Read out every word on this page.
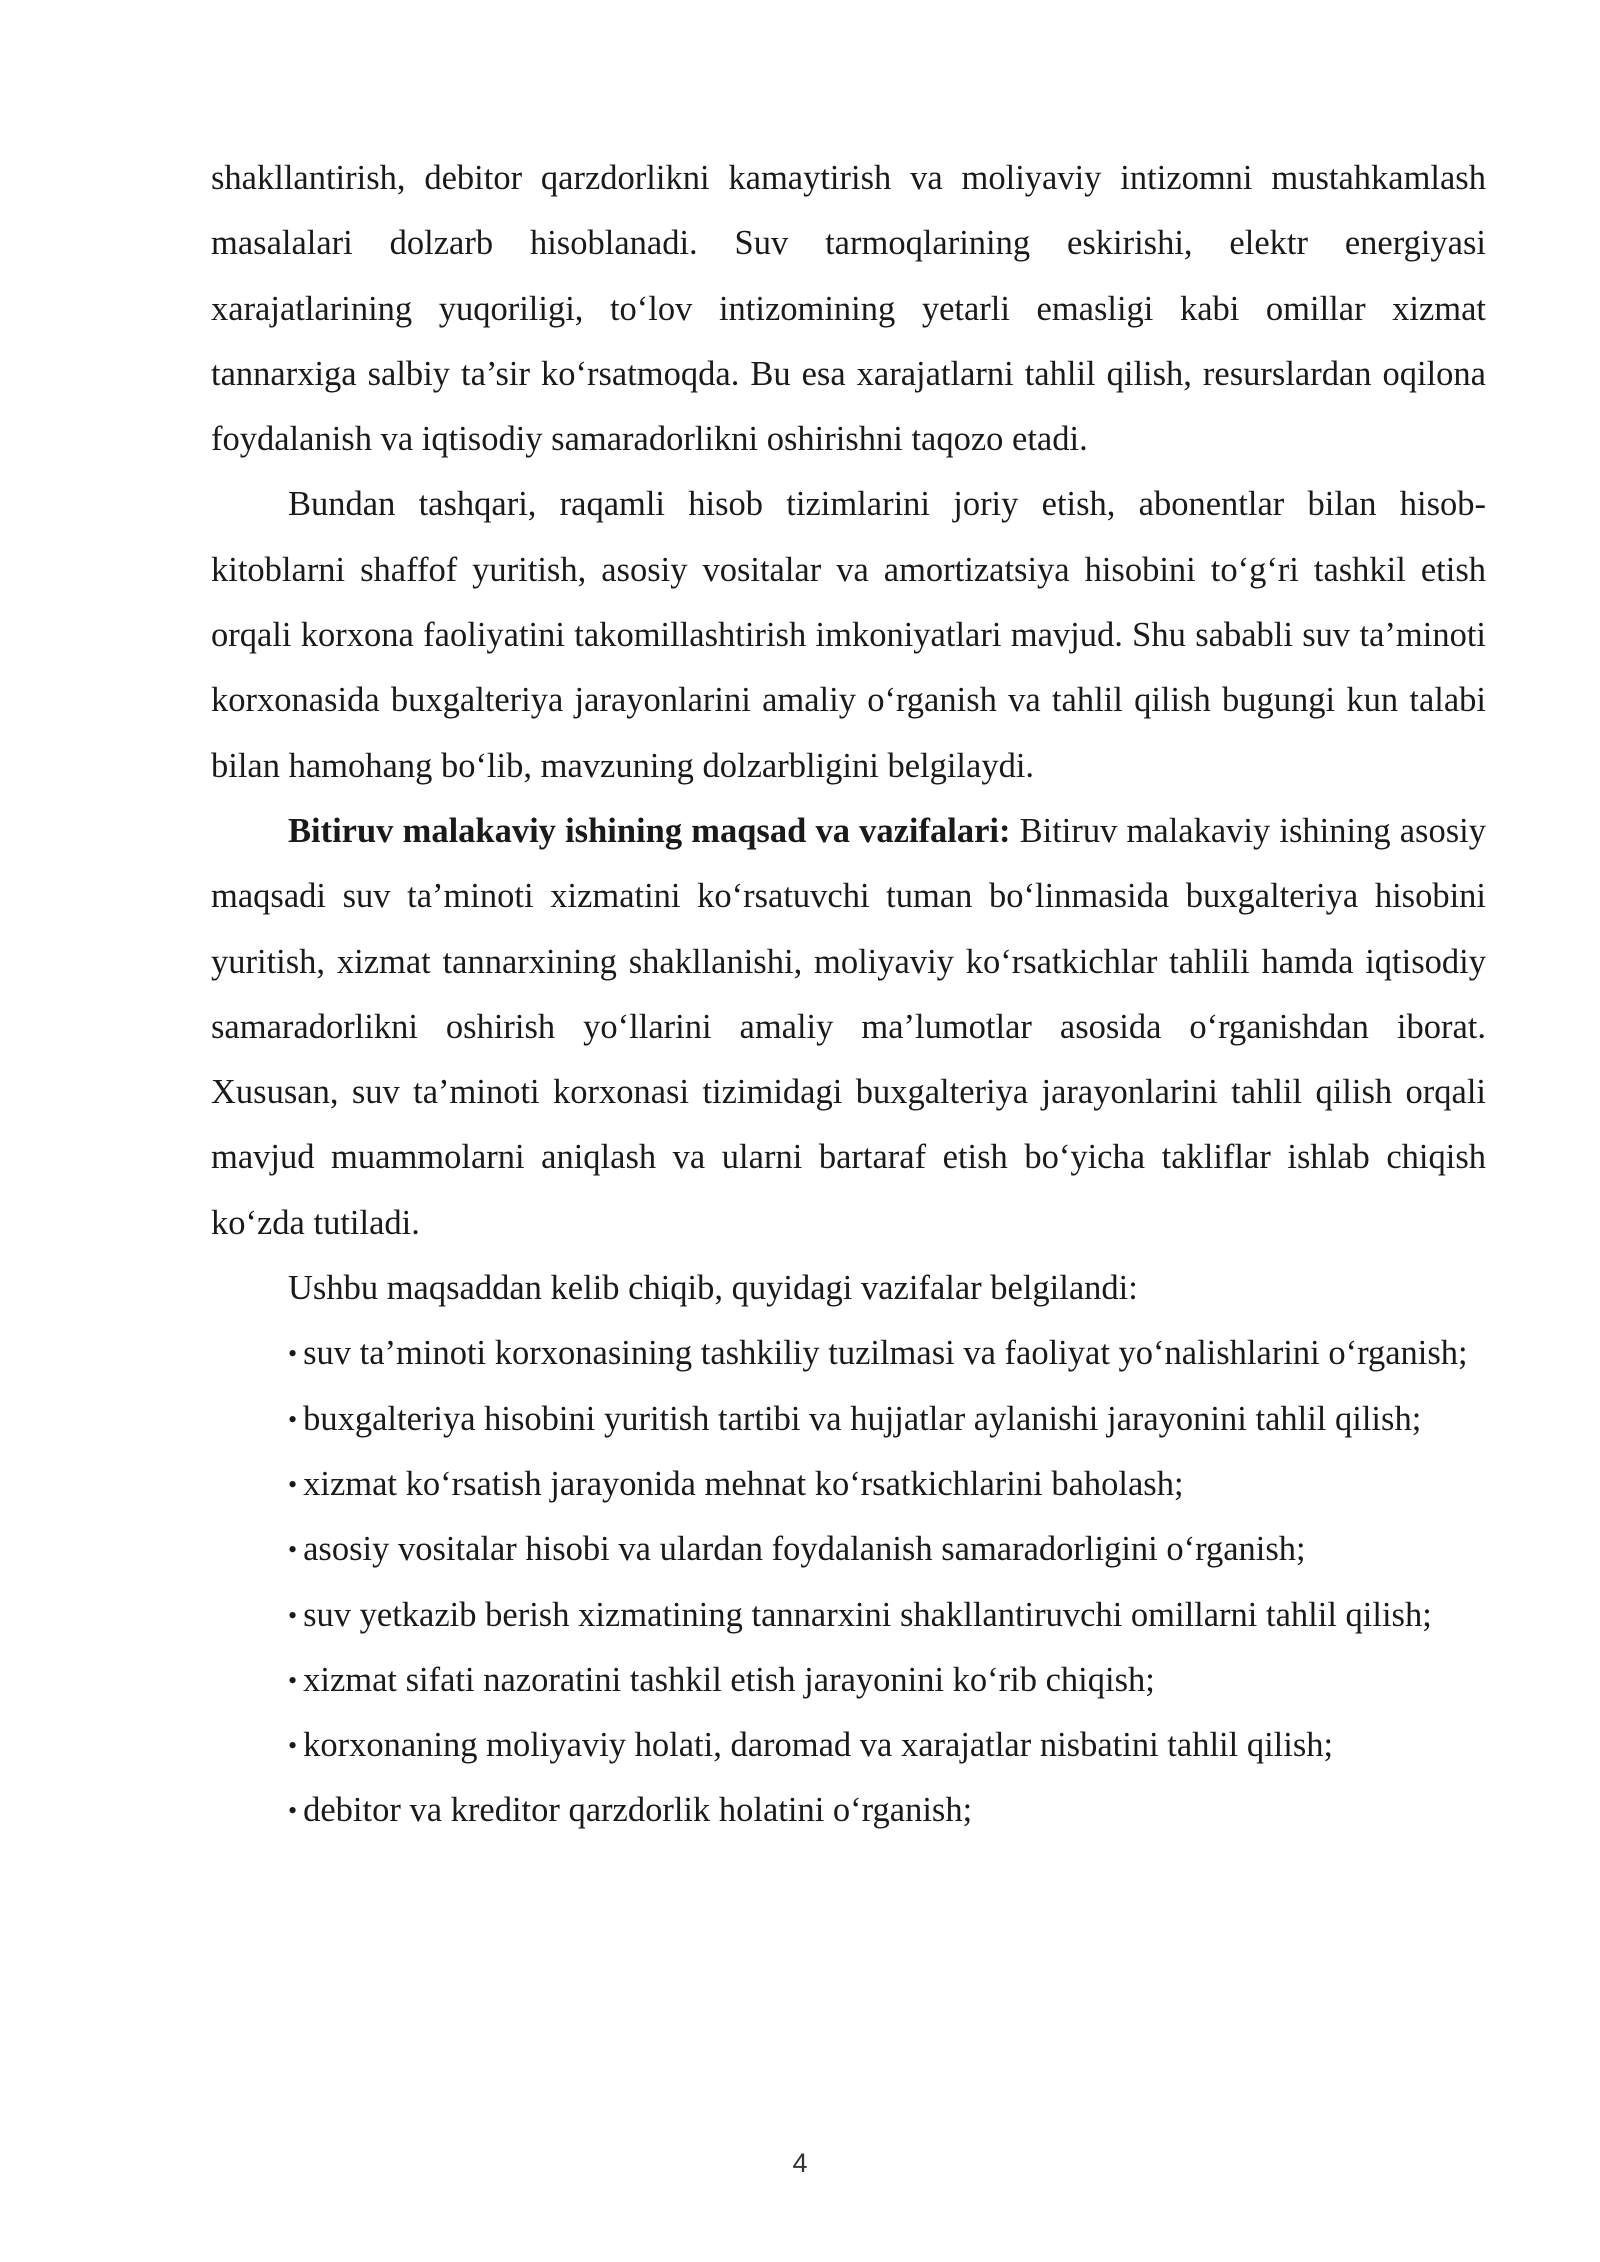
shakllantirish, debitor qarzdorlikni kamaytirish va moliyaviy intizomni mustahkamlash masalalari dolzarb hisoblanadi. Suv tarmoqlarining eskirishi, elektr energiyasi xarajatlarining yuqoriligi, to‘lov intizomining yetarli emasligi kabi omillar xizmat tannarxiga salbiy ta’sir ko‘rsatmoqda. Bu esa xarajatlarni tahlil qilish, resurslardan oqilona foydalanish va iqtisodiy samaradorlikni oshirishni taqozo etadi.

Bundan tashqari, raqamli hisob tizimlarini joriy etish, abonentlar bilan hisob-kitoblarni shaffof yuritish, asosiy vositalar va amortizatsiya hisobini to‘g‘ri tashkil etish orqali korxona faoliyatini takomillashtirish imkoniyatlari mavjud. Shu sababli suv ta’minoti korxonasida buxgalteriya jarayonlarini amaliy o‘rganish va tahlil qilish bugungi kun talabi bilan hamohang bo‘lib, mavzuning dolzarbligini belgilaydi.

Bitiruv malakaviy ishining maqsad va vazifalari: Bitiruv malakaviy ishining asosiy maqsadi suv ta’minoti xizmatini ko‘rsatuvchi tuman bo‘linmasida buxgalteriya hisobini yuritish, xizmat tannarxining shakllanishi, moliyaviy ko‘rsatkichlar tahlili hamda iqtisodiy samaradorlikni oshirish yo‘llarini amaliy ma’lumotlar asosida o‘rganishdan iborat. Xususan, suv ta’minoti korxonasi tizimidagi buxgalteriya jarayonlarini tahlil qilish orqali mavjud muammolarni aniqlash va ularni bartaraf etish bo‘yicha takliflar ishlab chiqish ko‘zda tutiladi.

Ushbu maqsaddan kelib chiqib, quyidagi vazifalar belgilandi:

• suv ta’minoti korxonasining tashkiliy tuzilmasi va faoliyat yo‘nalishlarini o‘rganish;

• buxgalteriya hisobini yuritish tartibi va hujjatlar aylanishi jarayonini tahlil qilish;

• xizmat ko‘rsatish jarayonida mehnat ko‘rsatkichlarini baholash;

• asosiy vositalar hisobi va ulardan foydalanish samaradorligini o‘rganish;

• suv yetkazib berish xizmatining tannarxini shakllantiruvchi omillarni tahlil qilish;

• xizmat sifati nazoratini tashkil etish jarayonini ko‘rib chiqish;

• korxonaning moliyaviy holati, daromad va xarajatlar nisbatini tahlil qilish;

• debitor va kreditor qarzdorlik holatini o‘rganish;

4
